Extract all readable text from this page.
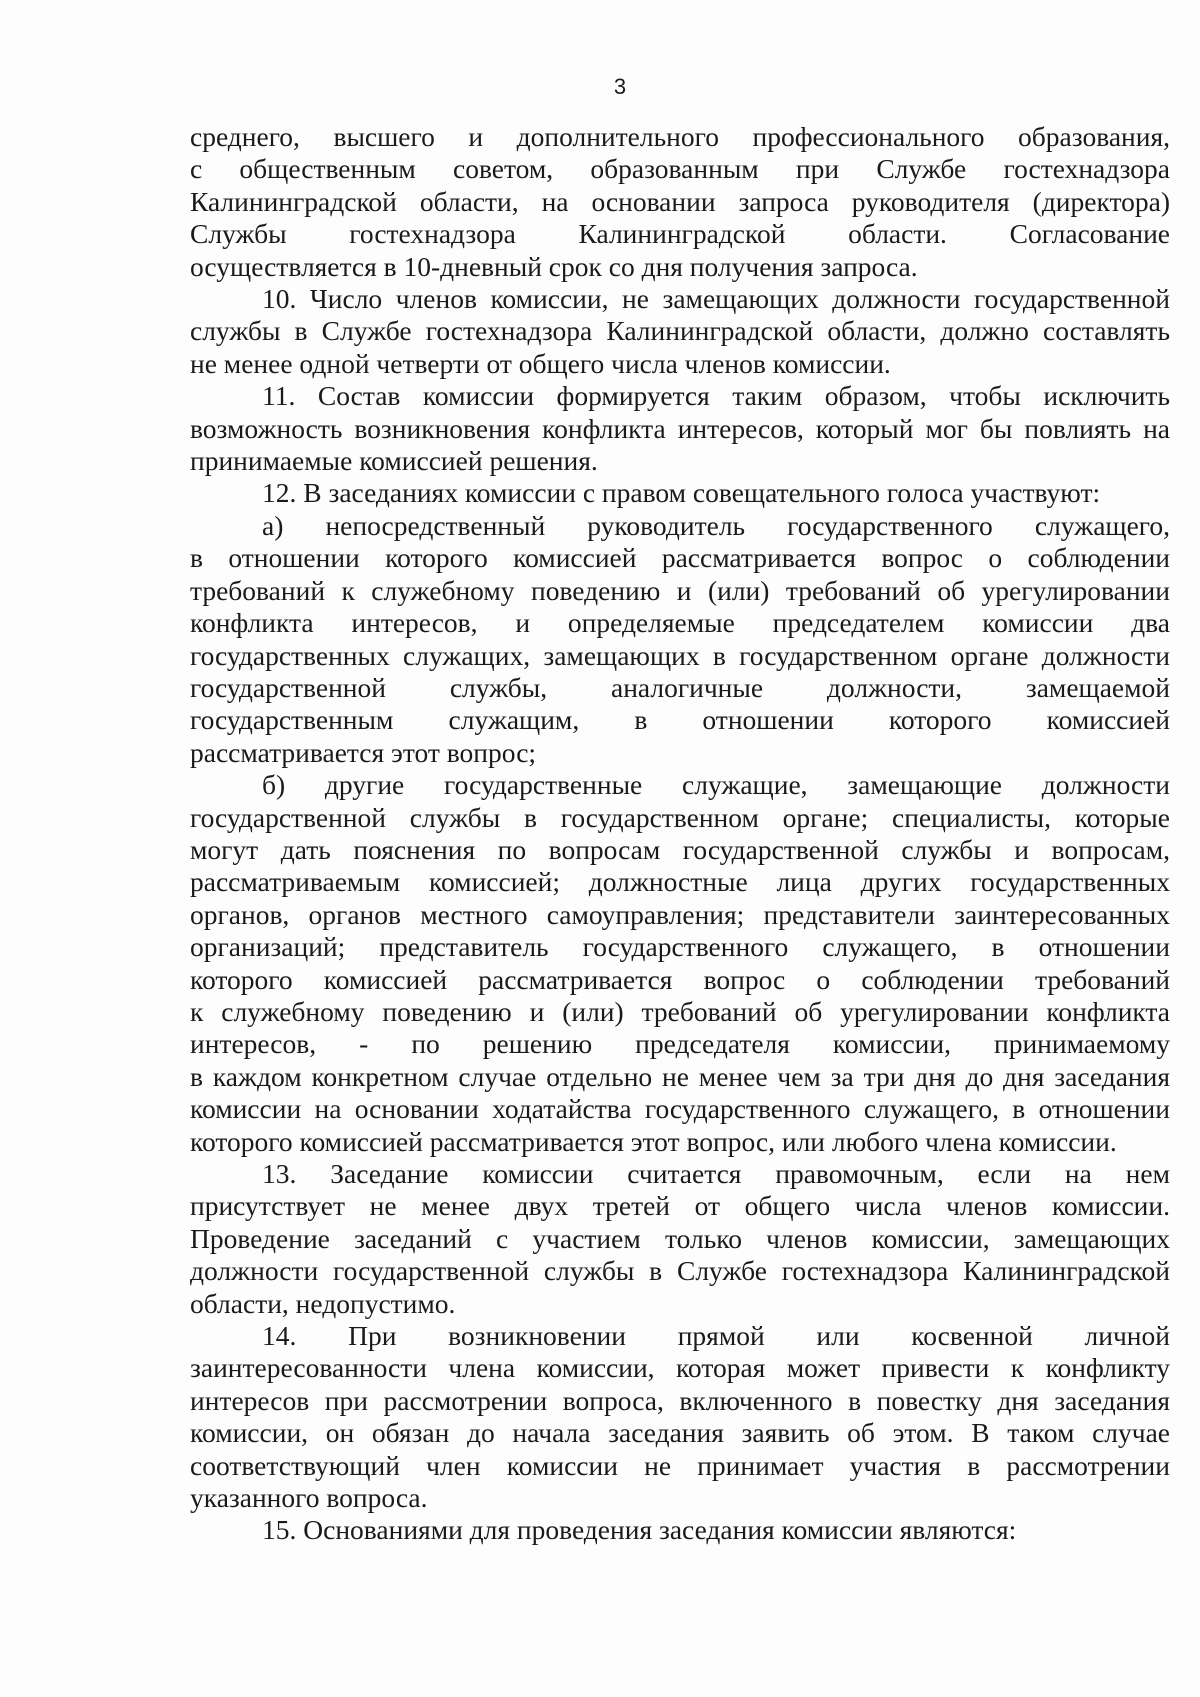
3
среднего, высшего и дополнительного профессионального образования,
с общественным советом, образованным при Службе гостехнадзора
Калининградской области, на основании запроса руководителя (директора)
Службы гостехнадзора Калининградской области. Согласование
осуществляется в 10-дневный срок со дня получения запроса.
10. Число членов комиссии, не замещающих должности государственной
службы в Службе гостехнадзора Калининградской области, должно составлять
не менее одной четверти от общего числа членов комиссии.
11. Состав комиссии формируется таким образом, чтобы исключить
возможность возникновения конфликта интересов, который мог бы повлиять на
принимаемые комиссией решения.
12. В заседаниях комиссии с правом совещательного голоса участвуют:
а) непосредственный руководитель государственного служащего,
в отношении которого комиссией рассматривается вопрос о соблюдении
требований к служебному поведению и (или) требований об урегулировании
конфликта интересов, и определяемые председателем комиссии два
государственных служащих, замещающих в государственном органе должности
государственной службы, аналогичные должности, замещаемой
государственным служащим, в отношении которого комиссией
рассматривается этот вопрос;
б) другие государственные служащие, замещающие должности
государственной службы в государственном органе; специалисты, которые
могут дать пояснения по вопросам государственной службы и вопросам,
рассматриваемым комиссией; должностные лица других государственных
органов, органов местного самоуправления; представители заинтересованных
организаций; представитель государственного служащего, в отношении
которого комиссией рассматривается вопрос о соблюдении требований
к служебному поведению и (или) требований об урегулировании конфликта
интересов, - по решению председателя комиссии, принимаемому
в каждом конкретном случае отдельно не менее чем за три дня до дня заседания
комиссии на основании ходатайства государственного служащего, в отношении
которого комиссией рассматривается этот вопрос, или любого члена комиссии.
13. Заседание комиссии считается правомочным, если на нем
присутствует не менее двух третей от общего числа членов комиссии.
Проведение заседаний с участием только членов комиссии, замещающих
должности государственной службы в Службе гостехнадзора Калининградской
области, недопустимо.
14. При возникновении прямой или косвенной личной
заинтересованности члена комиссии, которая может привести к конфликту
интересов при рассмотрении вопроса, включенного в повестку дня заседания
комиссии, он обязан до начала заседания заявить об этом. В таком случае
соответствующий член комиссии не принимает участия в рассмотрении
указанного вопроса.
15. Основаниями для проведения заседания комиссии являются:
